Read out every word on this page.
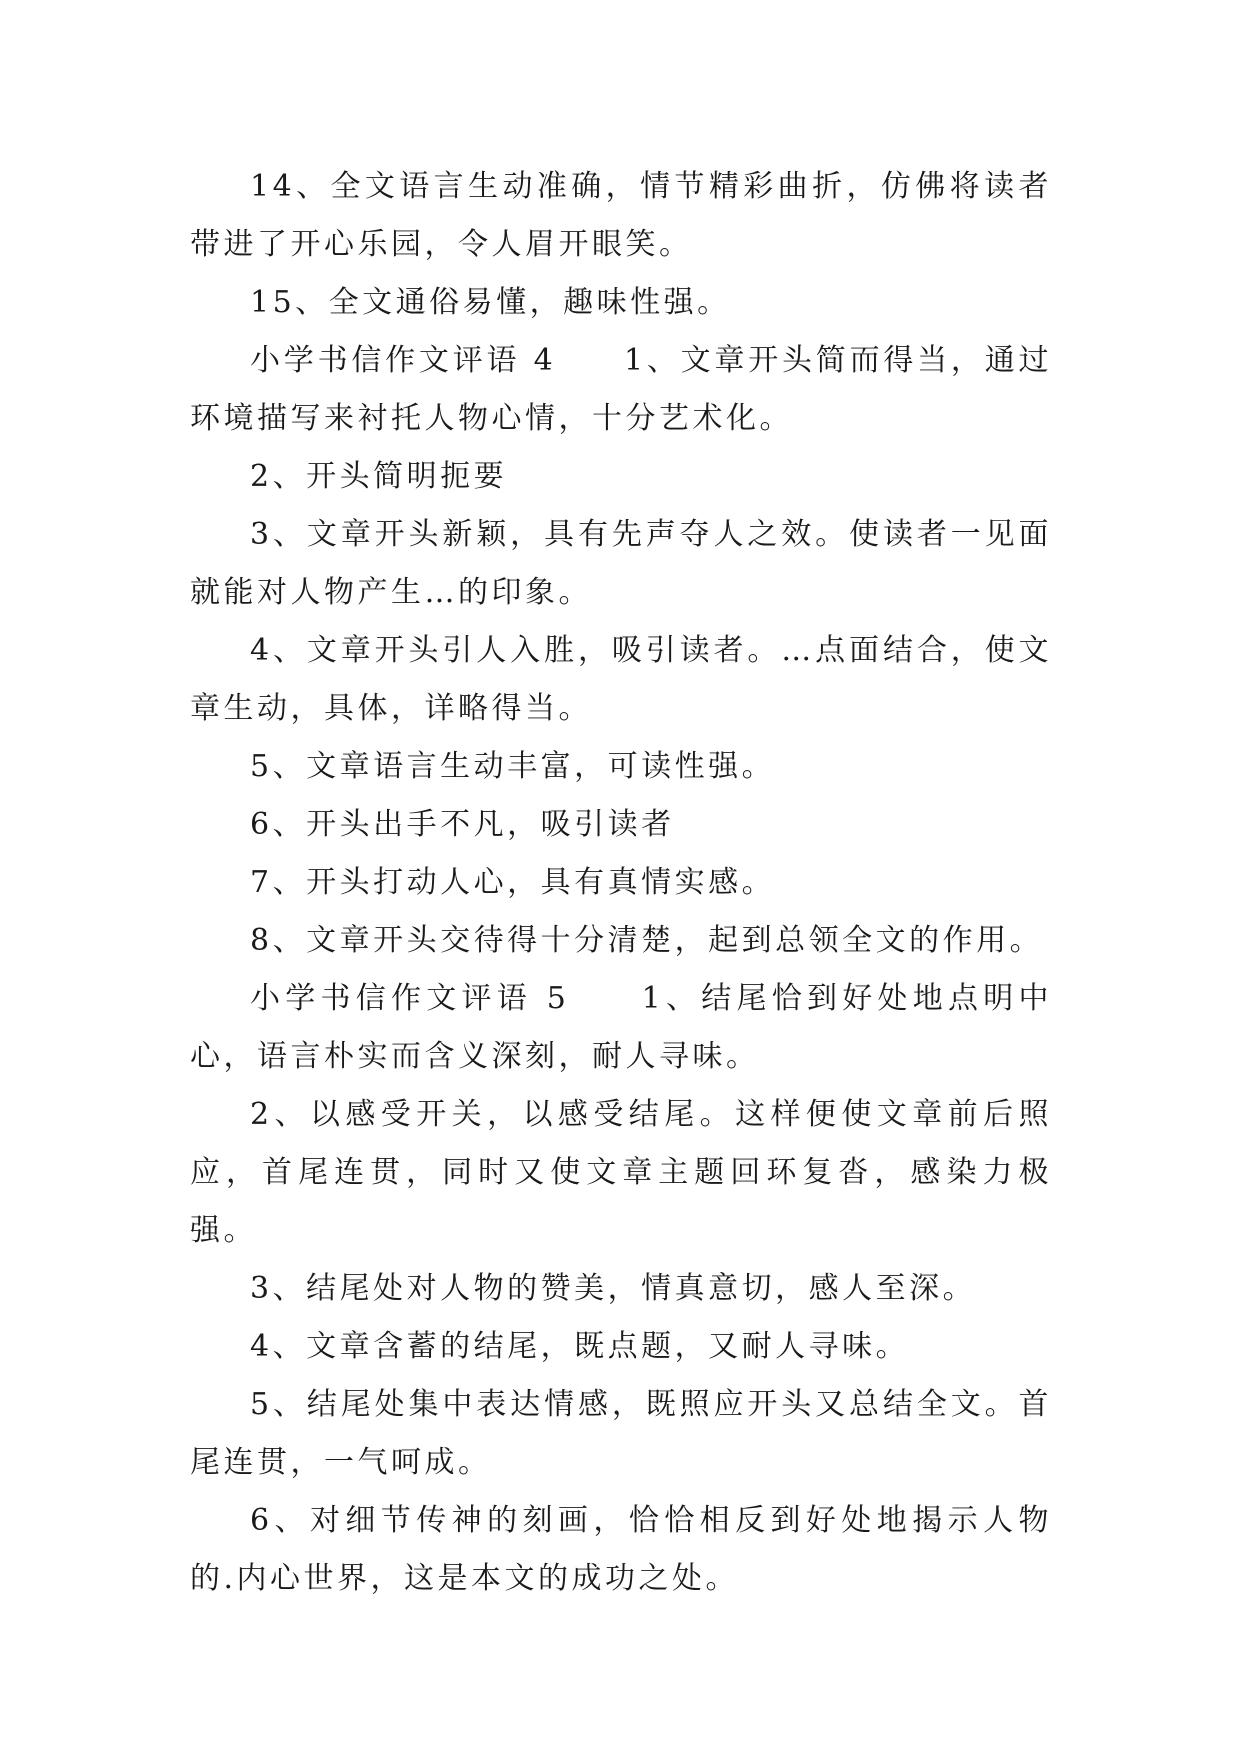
14、全文语言生动准确，情节精彩曲折，仿佛将读者带进了开心乐园，令人眉开眼笑。

15、全文通俗易懂，趣味性强。

小学书信作文评语 4　　1、文章开头简而得当，通过环境描写来衬托人物心情，十分艺术化。

2、开头简明扼要

3、文章开头新颖，具有先声夺人之效。使读者一见面就能对人物产生…的印象。

4、文章开头引人入胜，吸引读者。…点面结合，使文章生动，具体，详略得当。

5、文章语言生动丰富，可读性强。

6、开头出手不凡，吸引读者

7、开头打动人心，具有真情实感。

8、文章开头交待得十分清楚，起到总领全文的作用。

小学书信作文评语 5　　1、结尾恰到好处地点明中心，语言朴实而含义深刻，耐人寻味。

2、以感受开关，以感受结尾。这样便使文章前后照应，首尾连贯，同时又使文章主题回环复沓，感染力极强。

3、结尾处对人物的赞美，情真意切，感人至深。

4、文章含蓄的结尾，既点题，又耐人寻味。

5、结尾处集中表达情感，既照应开头又总结全文。首尾连贯，一气呵成。

6、对细节传神的刻画，恰恰相反到好处地揭示人物的.内心世界，这是本文的成功之处。
